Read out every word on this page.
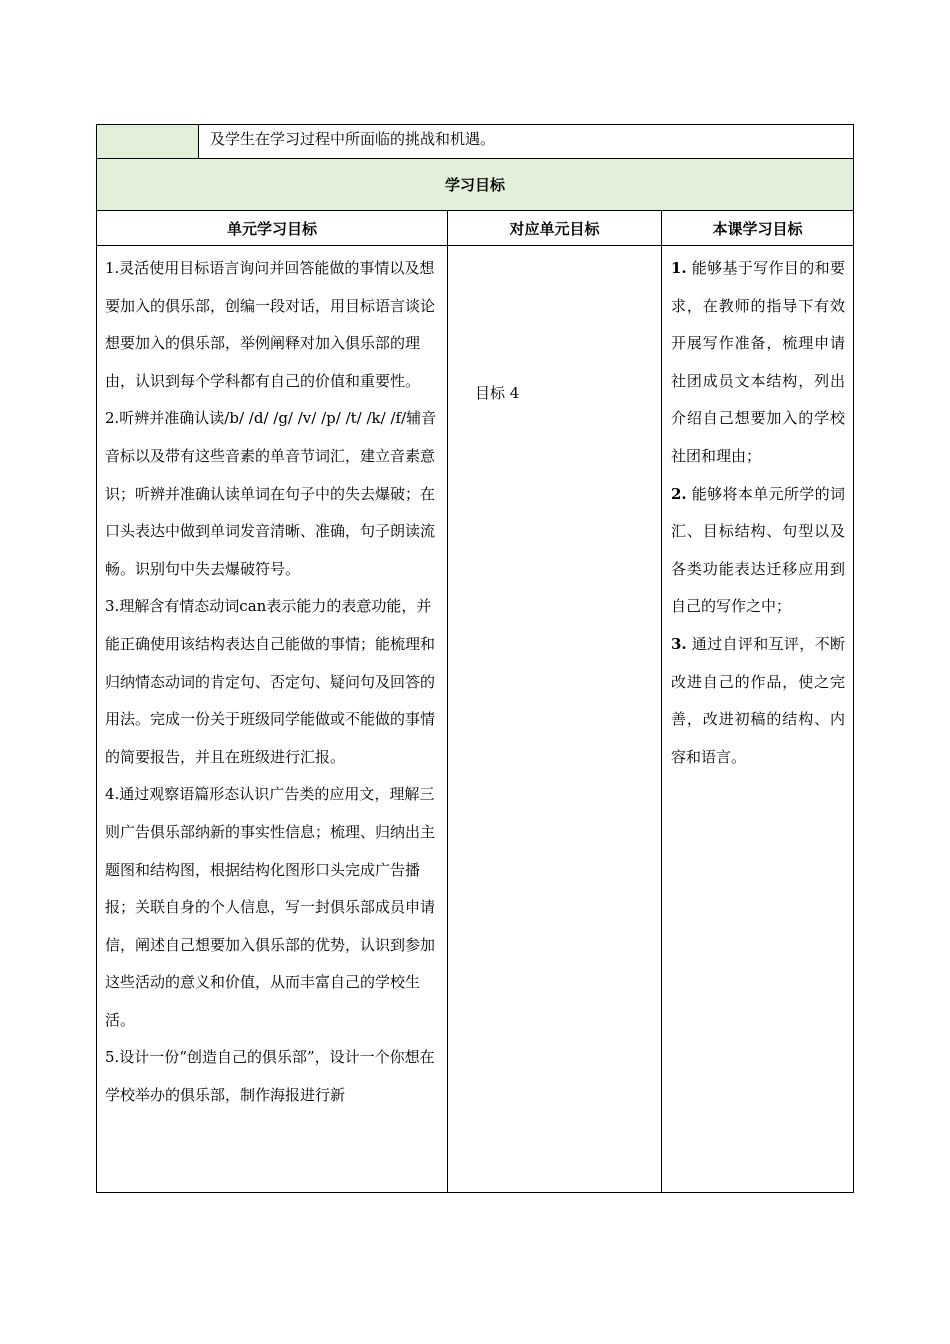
及学生在学习过程中所面临的挑战和机遇。
学习目标
单元学习目标	对应单元目标	本课学习目标

1.灵活使用目标语言询问并回答能做的事情以及想要加入的俱乐部，创编一段对话，用目标语言谈论想要加入的俱乐部，举例阐释对加入俱乐部的理由，认识到每个学科都有自己的价值和重要性。

2.听辨并准确认读/b/ /d/ /g/ /v/ /p/ /t/ /k/ /f/辅音音标以及带有这些音素的单音节词汇，建立音素意识；听辨并准确认读单词在句子中的失去爆破；在口头表达中做到单词发音清晰、准确，句子朗读流畅。识别句中失去爆破符号。

3.理解含有情态动词can表示能力的表意功能，并能正确使用该结构表达自己能做的事情；能梳理和归纳情态动词的肯定句、否定句、疑问句及回答的用法。完成一份关于班级同学能做或不能做的事情的简要报告，并且在班级进行汇报。

4.通过观察语篇形态认识广告类的应用文，理解三则广告俱乐部纳新的事实性信息；梳理、归纳出主题图和结构图，根据结构化图形口头完成广告播报；关联自身的个人信息，写一封俱乐部成员申请信，阐述自己想要加入俱乐部的优势，认识到参加这些活动的意义和价值，从而丰富自己的学校生活。

5.设计一份“创造自己的俱乐部”，设计一个你想在学校举办的俱乐部，制作海报进行新

目标 4

1. 能够基于写作目的和要求，在教师的指导下有效开展写作准备，梳理申请社团成员文本结构，列出介绍自己想要加入的学校社团和理由；

2. 能够将本单元所学的词汇、目标结构、句型以及各类功能表达迁移应用到自己的写作之中；

3. 通过自评和互评，不断改进自己的作品，使之完善，改进初稿的结构、内容和语言。
